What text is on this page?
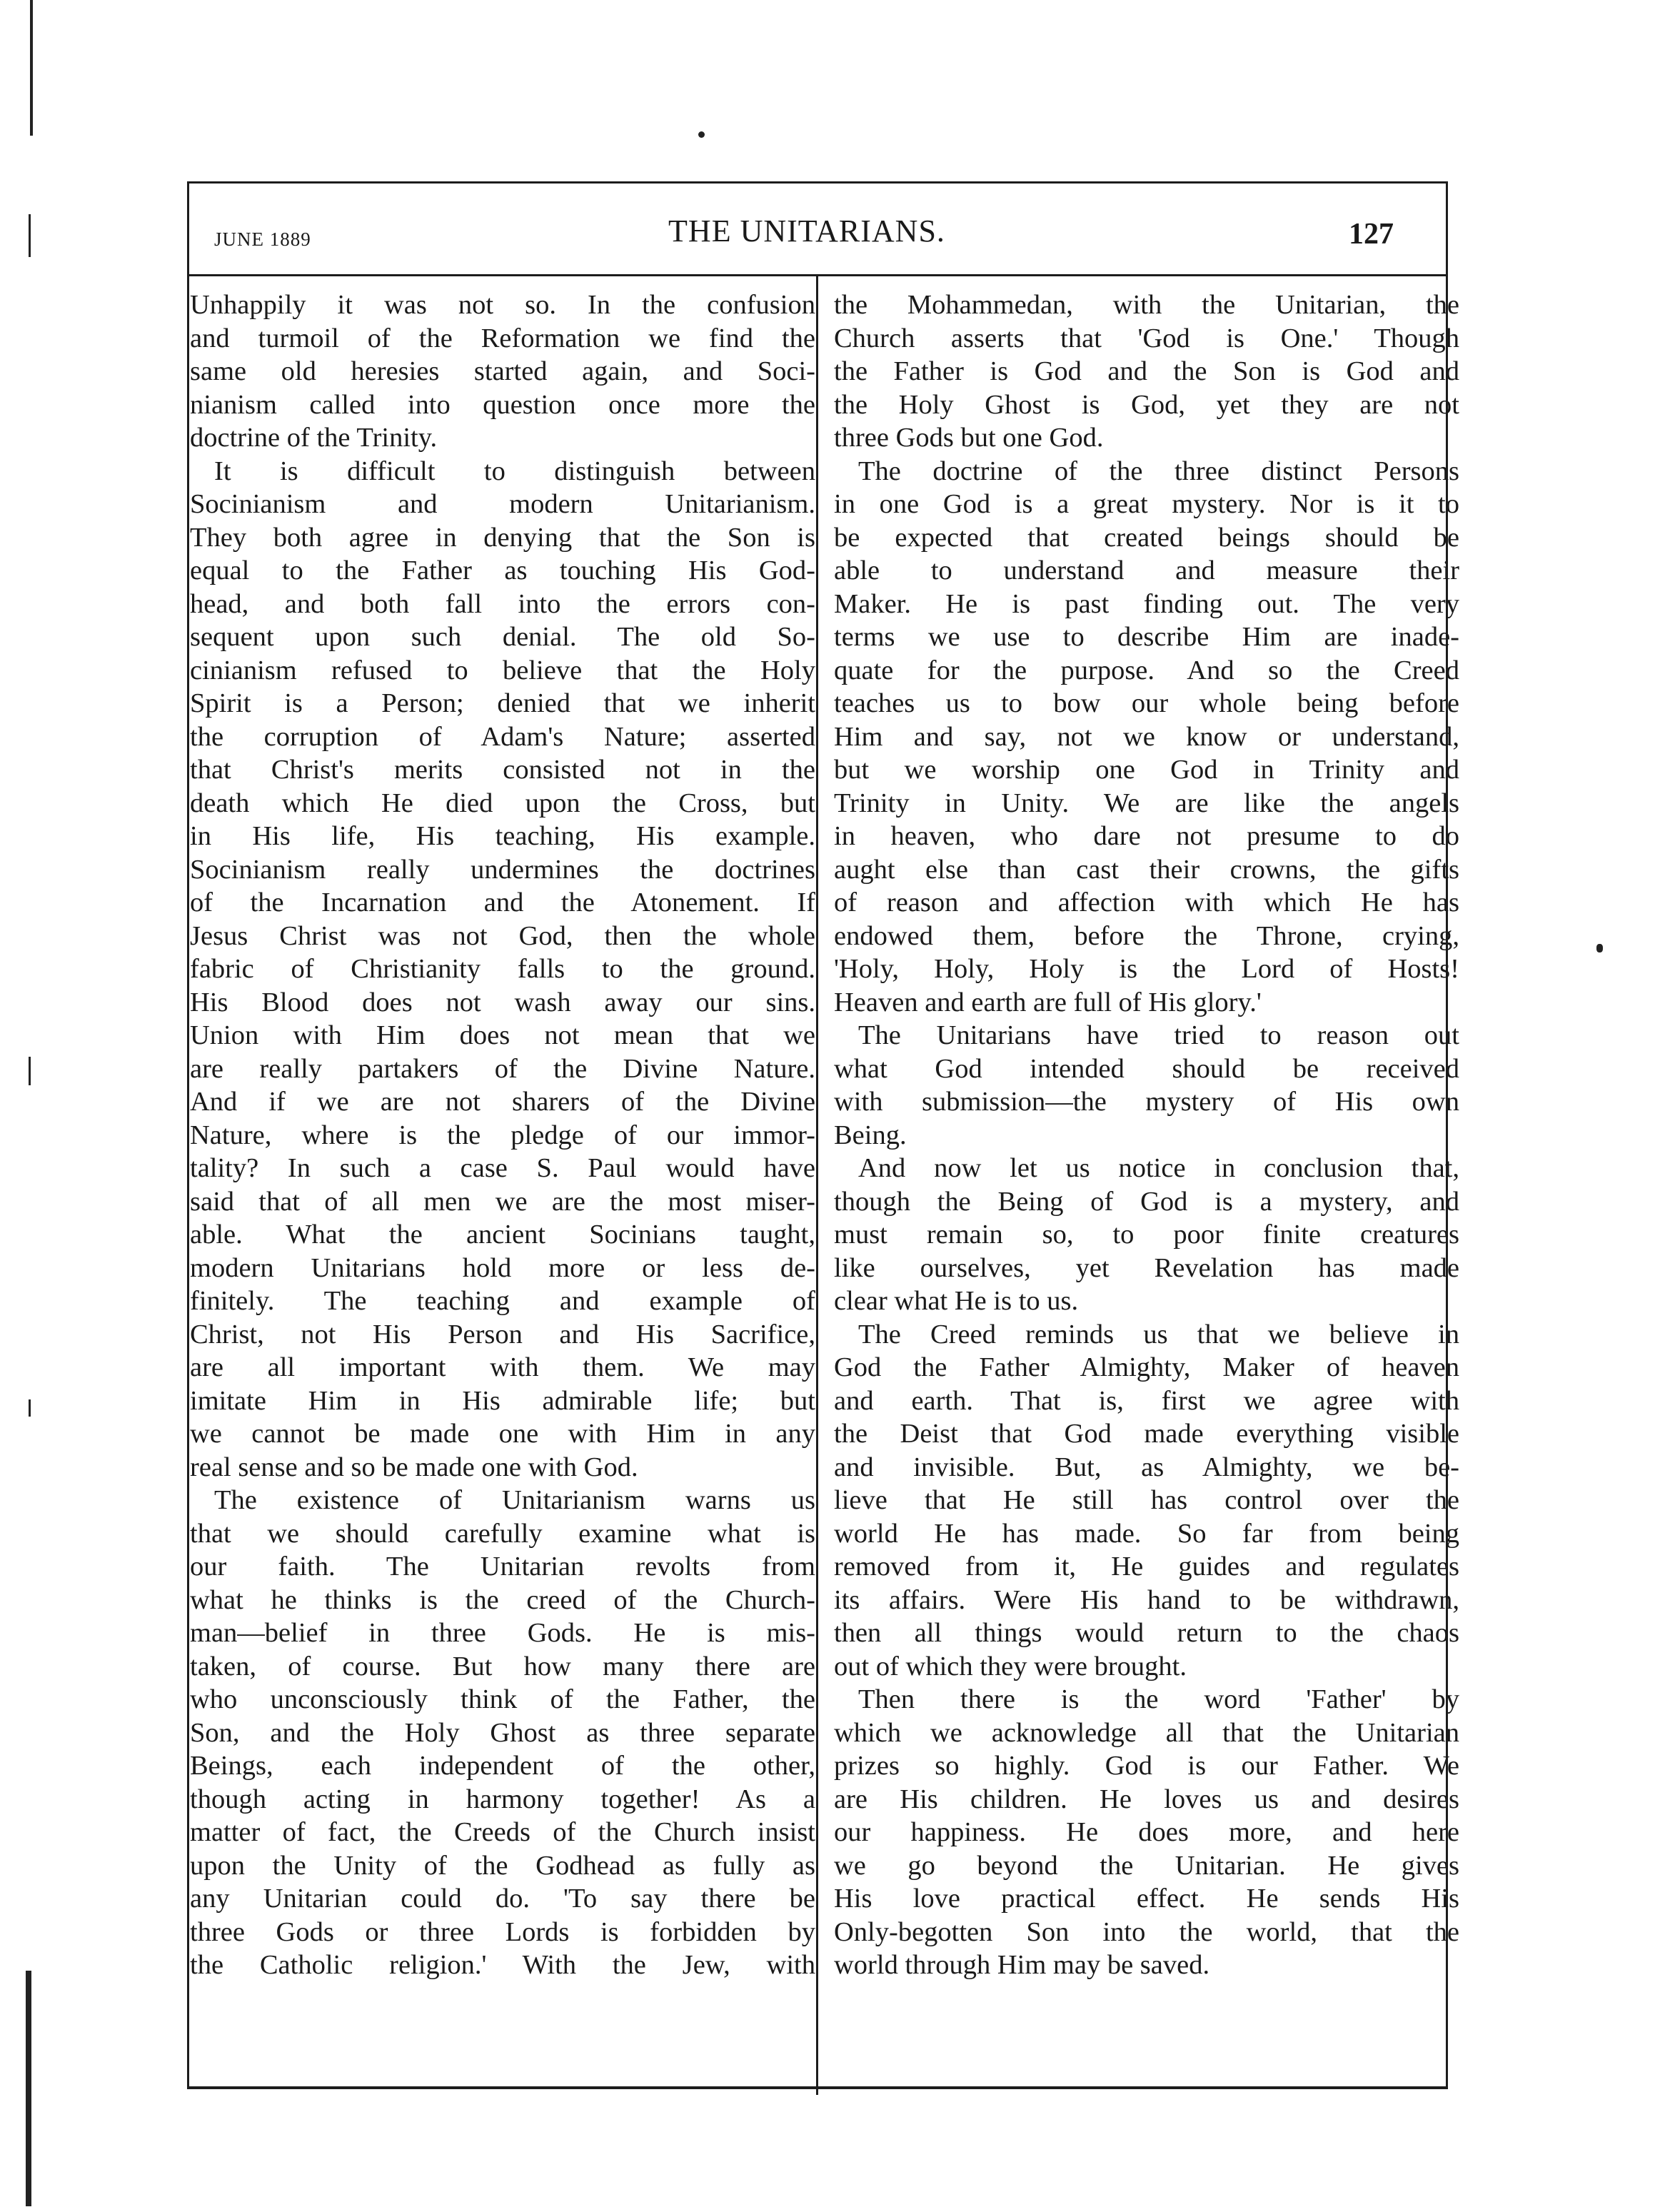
JUNE 1889	THE UNITARIANS.	127
Unhappily it was not so. In the confusion
and turmoil of the Reformation we find the
same old heresies started again, and Soci-
nianism called into question once more the
doctrine of the Trinity.
It is difficult to distinguish between
Socinianism and modern Unitarianism.
They both agree in denying that the Son is
equal to the Father as touching His God-
head, and both fall into the errors con-
sequent upon such denial. The old So-
cinianism refused to believe that the Holy
Spirit is a Person; denied that we inherit
the corruption of Adam's Nature; asserted
that Christ's merits consisted not in the
death which He died upon the Cross, but
in His life, His teaching, His example.
Socinianism really undermines the doctrines
of the Incarnation and the Atonement. If
Jesus Christ was not God, then the whole
fabric of Christianity falls to the ground.
His Blood does not wash away our sins.
Union with Him does not mean that we
are really partakers of the Divine Nature.
And if we are not sharers of the Divine
Nature, where is the pledge of our immor-
tality? In such a case S. Paul would have
said that of all men we are the most miser-
able. What the ancient Socinians taught,
modern Unitarians hold more or less de-
finitely. The teaching and example of
Christ, not His Person and His Sacrifice,
are all important with them. We may
imitate Him in His admirable life; but
we cannot be made one with Him in any
real sense and so be made one with God.
The existence of Unitarianism warns us
that we should carefully examine what is
our faith. The Unitarian revolts from
what he thinks is the creed of the Church-
man—belief in three Gods. He is mis-
taken, of course. But how many there are
who unconsciously think of the Father, the
Son, and the Holy Ghost as three separate
Beings, each independent of the other,
though acting in harmony together! As a
matter of fact, the Creeds of the Church insist
upon the Unity of the Godhead as fully as
any Unitarian could do. 'To say there be
three Gods or three Lords is forbidden by
the Catholic religion.' With the Jew, with
the Mohammedan, with the Unitarian, the
Church asserts that 'God is One.' Though
the Father is God and the Son is God and
the Holy Ghost is God, yet they are not
three Gods but one God.
The doctrine of the three distinct Persons
in one God is a great mystery. Nor is it to
be expected that created beings should be
able to understand and measure their
Maker. He is past finding out. The very
terms we use to describe Him are inade-
quate for the purpose. And so the Creed
teaches us to bow our whole being before
Him and say, not we know or understand,
but we worship one God in Trinity and
Trinity in Unity. We are like the angels
in heaven, who dare not presume to do
aught else than cast their crowns, the gifts
of reason and affection with which He has
endowed them, before the Throne, crying,
'Holy, Holy, Holy is the Lord of Hosts!
Heaven and earth are full of His glory.'
The Unitarians have tried to reason out
what God intended should be received
with submission—the mystery of His own
Being.
And now let us notice in conclusion that,
though the Being of God is a mystery, and
must remain so, to poor finite creatures
like ourselves, yet Revelation has made
clear what He is to us.
The Creed reminds us that we believe in
God the Father Almighty, Maker of heaven
and earth. That is, first we agree with
the Deist that God made everything visible
and invisible. But, as Almighty, we be-
lieve that He still has control over the
world He has made. So far from being
removed from it, He guides and regulates
its affairs. Were His hand to be withdrawn,
then all things would return to the chaos
out of which they were brought.
Then there is the word 'Father' by
which we acknowledge all that the Unitarian
prizes so highly. God is our Father. We
are His children. He loves us and desires
our happiness. He does more, and here
we go beyond the Unitarian. He gives
His love practical effect. He sends His
Only-begotten Son into the world, that the
world through Him may be saved.
